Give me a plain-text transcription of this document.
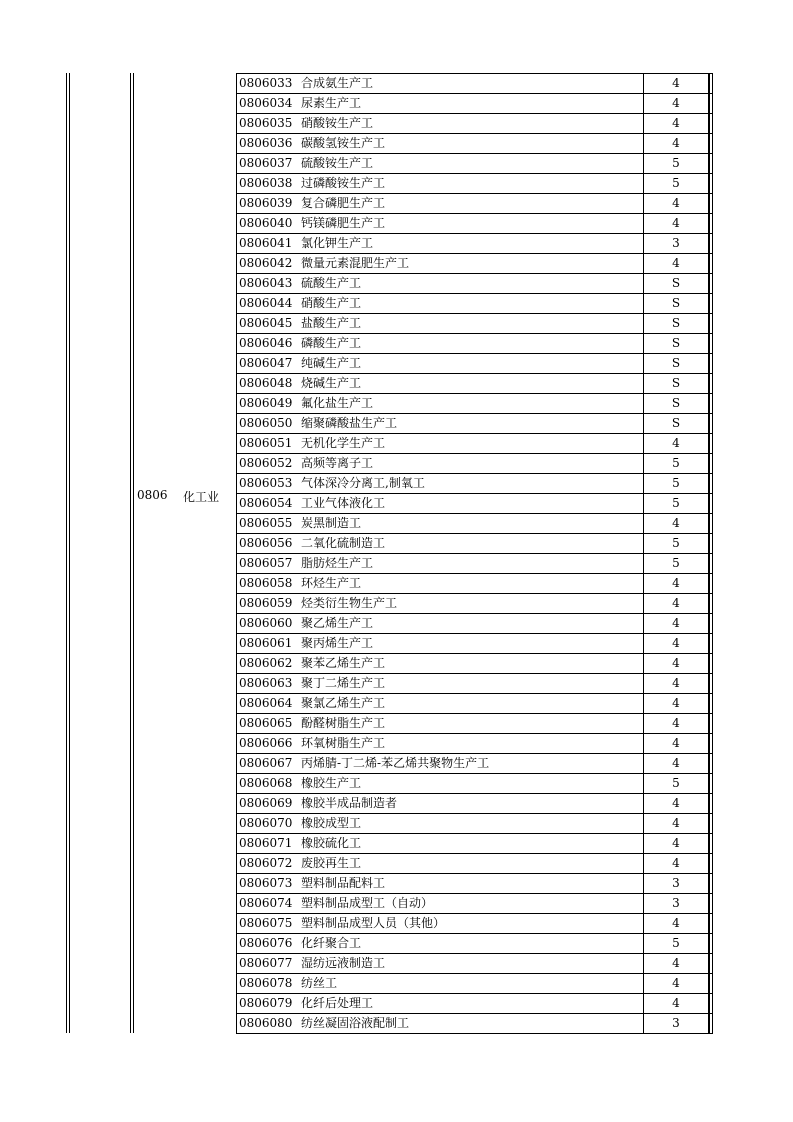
0806 化工业
0806033 合成氨生产工	4	
0806034 尿素生产工	4	
0806035 硝酸铵生产工	4	
0806036 碳酸氢铵生产工	4	
0806037 硫酸铵生产工	5	
0806038 过磷酸铵生产工	5	
0806039 复合磷肥生产工	4	
0806040 钙镁磷肥生产工	4	
0806041 氯化钾生产工	3	
0806042 微量元素混肥生产工	4	
0806043 硫酸生产工	S	
0806044 硝酸生产工	S	
0806045 盐酸生产工	S	
0806046 磷酸生产工	S	
0806047 纯碱生产工	S	
0806048 烧碱生产工	S	
0806049 氟化盐生产工	S	
0806050 缩聚磷酸盐生产工	S	
0806051 无机化学生产工	4	
0806052 高频等离子工	5	
0806053 气体深冷分离工,制氧工	5	
0806054 工业气体液化工	5	
0806055 炭黑制造工	4	
0806056 二氧化硫制造工	5	
0806057 脂肪烃生产工	5	
0806058 环烃生产工	4	
0806059 烃类衍生物生产工	4	
0806060 聚乙烯生产工	4	
0806061 聚丙烯生产工	4	
0806062 聚苯乙烯生产工	4	
0806063 聚丁二烯生产工	4	
0806064 聚氯乙烯生产工	4	
0806065 酚醛树脂生产工	4	
0806066 环氧树脂生产工	4	
0806067 丙烯腈-丁二烯-苯乙烯共聚物生产工	4	
0806068 橡胶生产工	5	
0806069 橡胶半成品制造者	4	
0806070 橡胶成型工	4	
0806071 橡胶硫化工	4	
0806072 废胶再生工	4	
0806073 塑料制品配料工	3	
0806074 塑料制品成型工（自动）	3	
0806075 塑料制品成型人员（其他）	4	
0806076 化纤聚合工	5	
0806077 湿纺远液制造工	4	
0806078 纺丝工	4	
0806079 化纤后处理工	4	
0806080 纺丝凝固浴液配制工	3	
